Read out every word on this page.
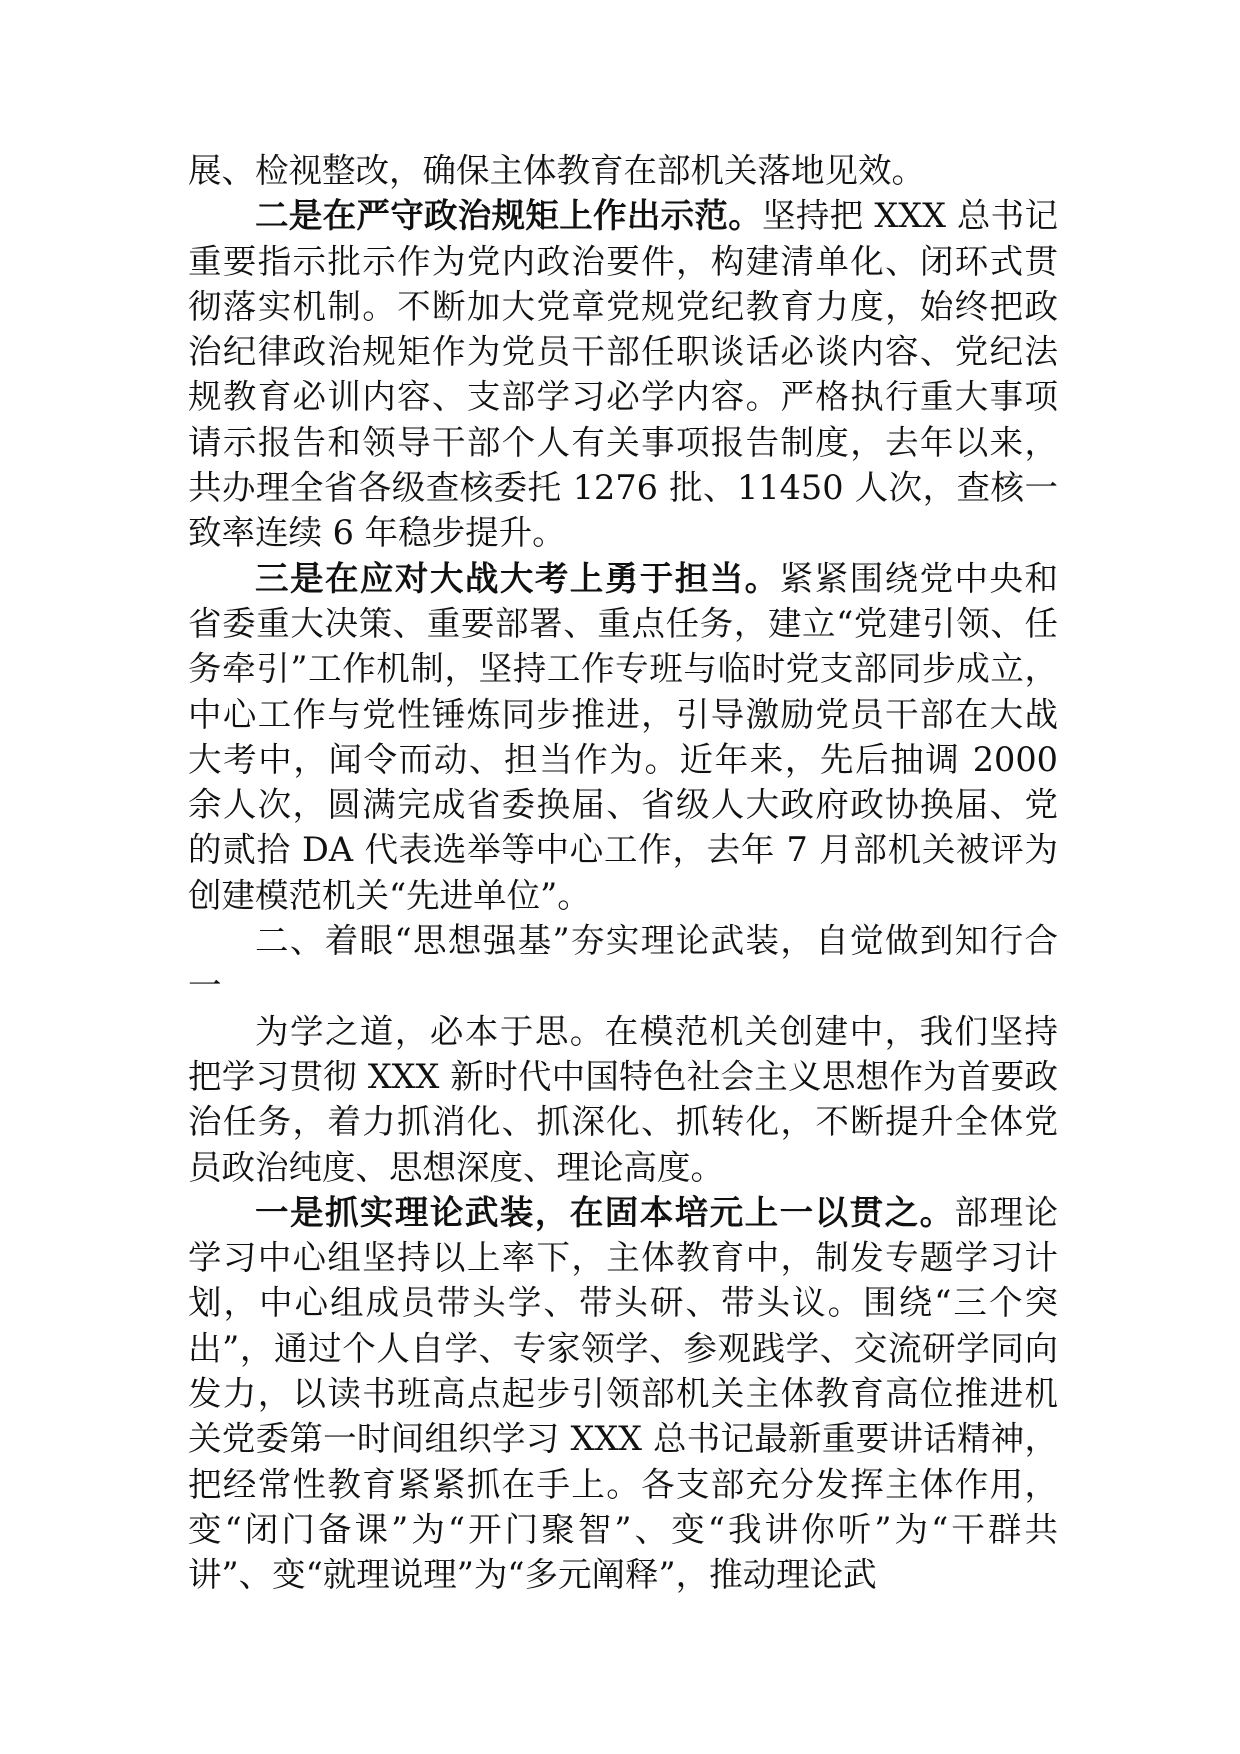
展、检视整改，确保主体教育在部机关落地见效。

二是在严守政治规矩上作出示范。坚持把 XXX 总书记重要指示批示作为党内政治要件，构建清单化、闭环式贯彻落实机制。不断加大党章党规党纪教育力度，始终把政治纪律政治规矩作为党员干部任职谈话必谈内容、党纪法规教育必训内容、支部学习必学内容。严格执行重大事项请示报告和领导干部个人有关事项报告制度，去年以来，共办理全省各级查核委托 1276 批、11450 人次，查核一致率连续 6 年稳步提升。

三是在应对大战大考上勇于担当。紧紧围绕党中央和省委重大决策、重要部署、重点任务，建立“党建引领、任务牵引”工作机制，坚持工作专班与临时党支部同步成立，中心工作与党性锤炼同步推进，引导激励党员干部在大战大考中，闻令而动、担当作为。近年来，先后抽调 2000 余人次，圆满完成省委换届、省级人大政府政协换届、党的贰拾 DA 代表选举等中心工作，去年 7 月部机关被评为创建模范机关“先进单位”。

二、着眼“思想强基”夯实理论武装，自觉做到知行合一

为学之道，必本于思。在模范机关创建中，我们坚持把学习贯彻 XXX 新时代中国特色社会主义思想作为首要政治任务，着力抓消化、抓深化、抓转化，不断提升全体党员政治纯度、思想深度、理论高度。

一是抓实理论武装，在固本培元上一以贯之。部理论学习中心组坚持以上率下，主体教育中，制发专题学习计划，中心组成员带头学、带头研、带头议。围绕“三个突出”，通过个人自学、专家领学、参观践学、交流研学同向发力，以读书班高点起步引领部机关主体教育高位推进机关党委第一时间组织学习 XXX 总书记最新重要讲话精神，把经常性教育紧紧抓在手上。各支部充分发挥主体作用，变“闭门备课”为“开门聚智”、变“我讲你听”为“干群共讲”、变“就理说理”为“多元阐释”，推动理论武
